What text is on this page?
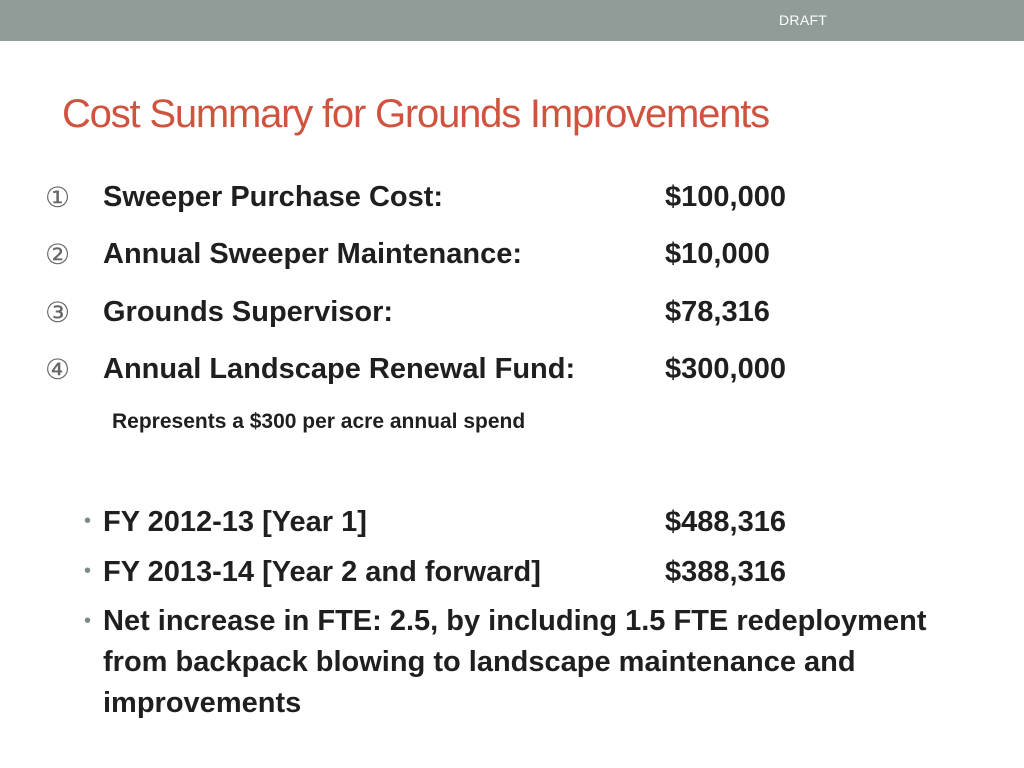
DRAFT
Cost Summary for Grounds Improvements
① Sweeper Purchase Cost:	$100,000
② Annual Sweeper Maintenance:	$10,000
③ Grounds Supervisor:	$78,316
④ Annual Landscape Renewal Fund:	$300,000
Represents a $300 per acre annual spend
• FY 2012-13 [Year 1]	$488,316
• FY 2013-14 [Year 2 and forward]	$388,316
• Net increase in FTE: 2.5, by including 1.5 FTE redeployment from backpack blowing to landscape maintenance and improvements
